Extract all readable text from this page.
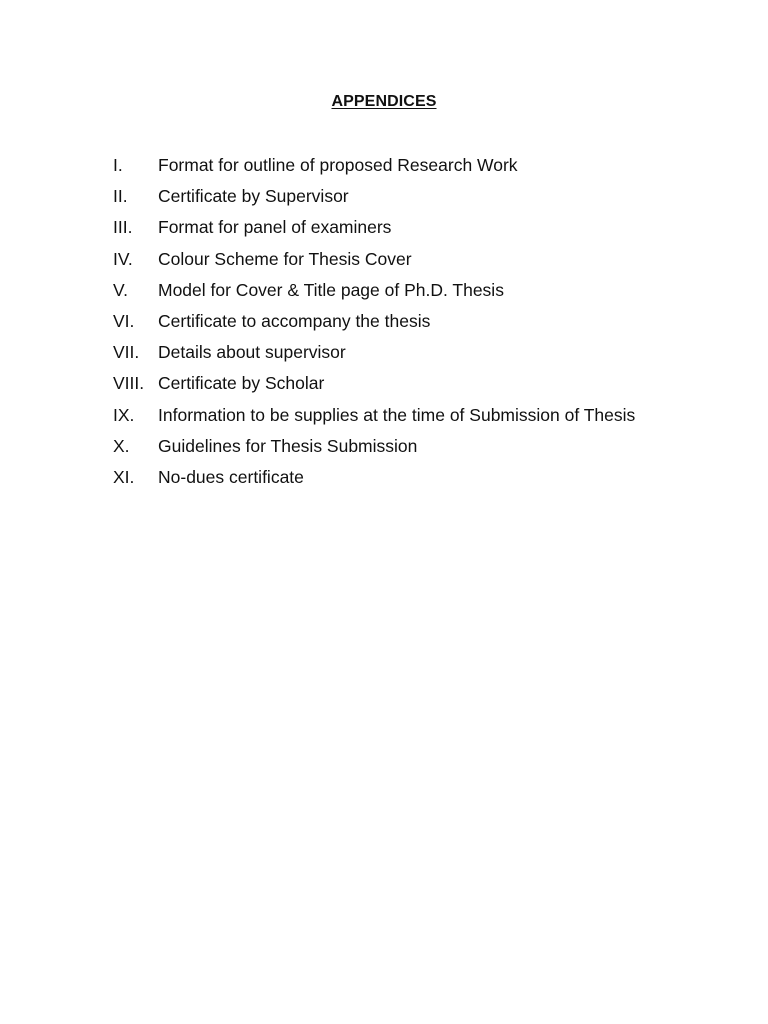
APPENDICES
I.	Format for outline of proposed Research Work
II.	Certificate by Supervisor
III.	Format for panel of examiners
IV.	Colour Scheme for Thesis Cover
V.	Model for Cover & Title page of Ph.D. Thesis
VI.	Certificate to accompany the thesis
VII.	Details about supervisor
VIII. Certificate by Scholar
IX.	Information to be supplies at the time of Submission of Thesis
X.	Guidelines for Thesis Submission
XI.	No-dues certificate
